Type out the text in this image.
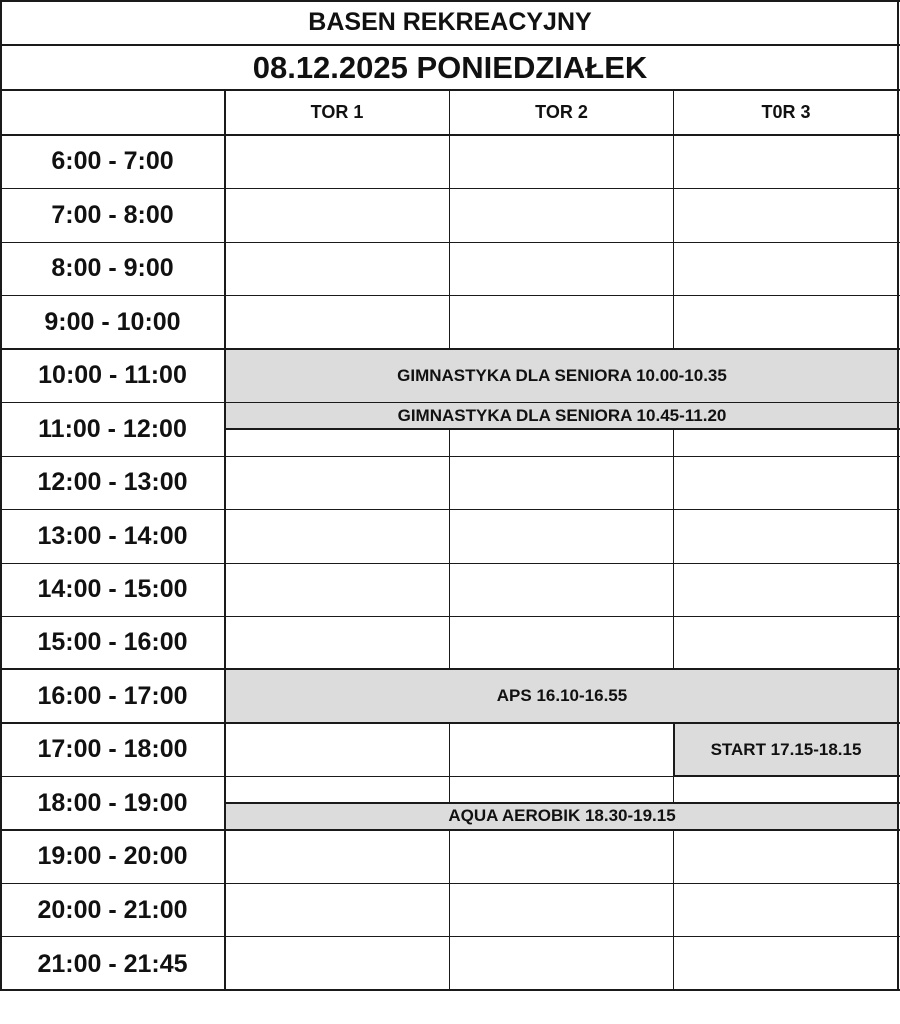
GIMNASTYKA DLA SENIORA 10.00-10.35
GIMNASTYKA DLA SENIORA 10.45-11.20
APS 16.10-16.55
START 17.15-18.15
AQUA AEROBIK 18.30-19.15
BASEN REKREACYJNY
08.12.2025 PONIEDZIAŁEK
TOR 1	TOR 2	T0R 3
6:00 - 7:00
7:00 - 8:00
8:00 - 9:00
9:00 - 10:00
10:00 - 11:00
11:00 - 12:00
12:00 - 13:00
13:00 - 14:00
14:00 - 15:00
15:00 - 16:00
16:00 - 17:00
17:00 - 18:00
18:00 - 19:00
19:00 - 20:00
20:00 - 21:00
21:00 - 21:45
